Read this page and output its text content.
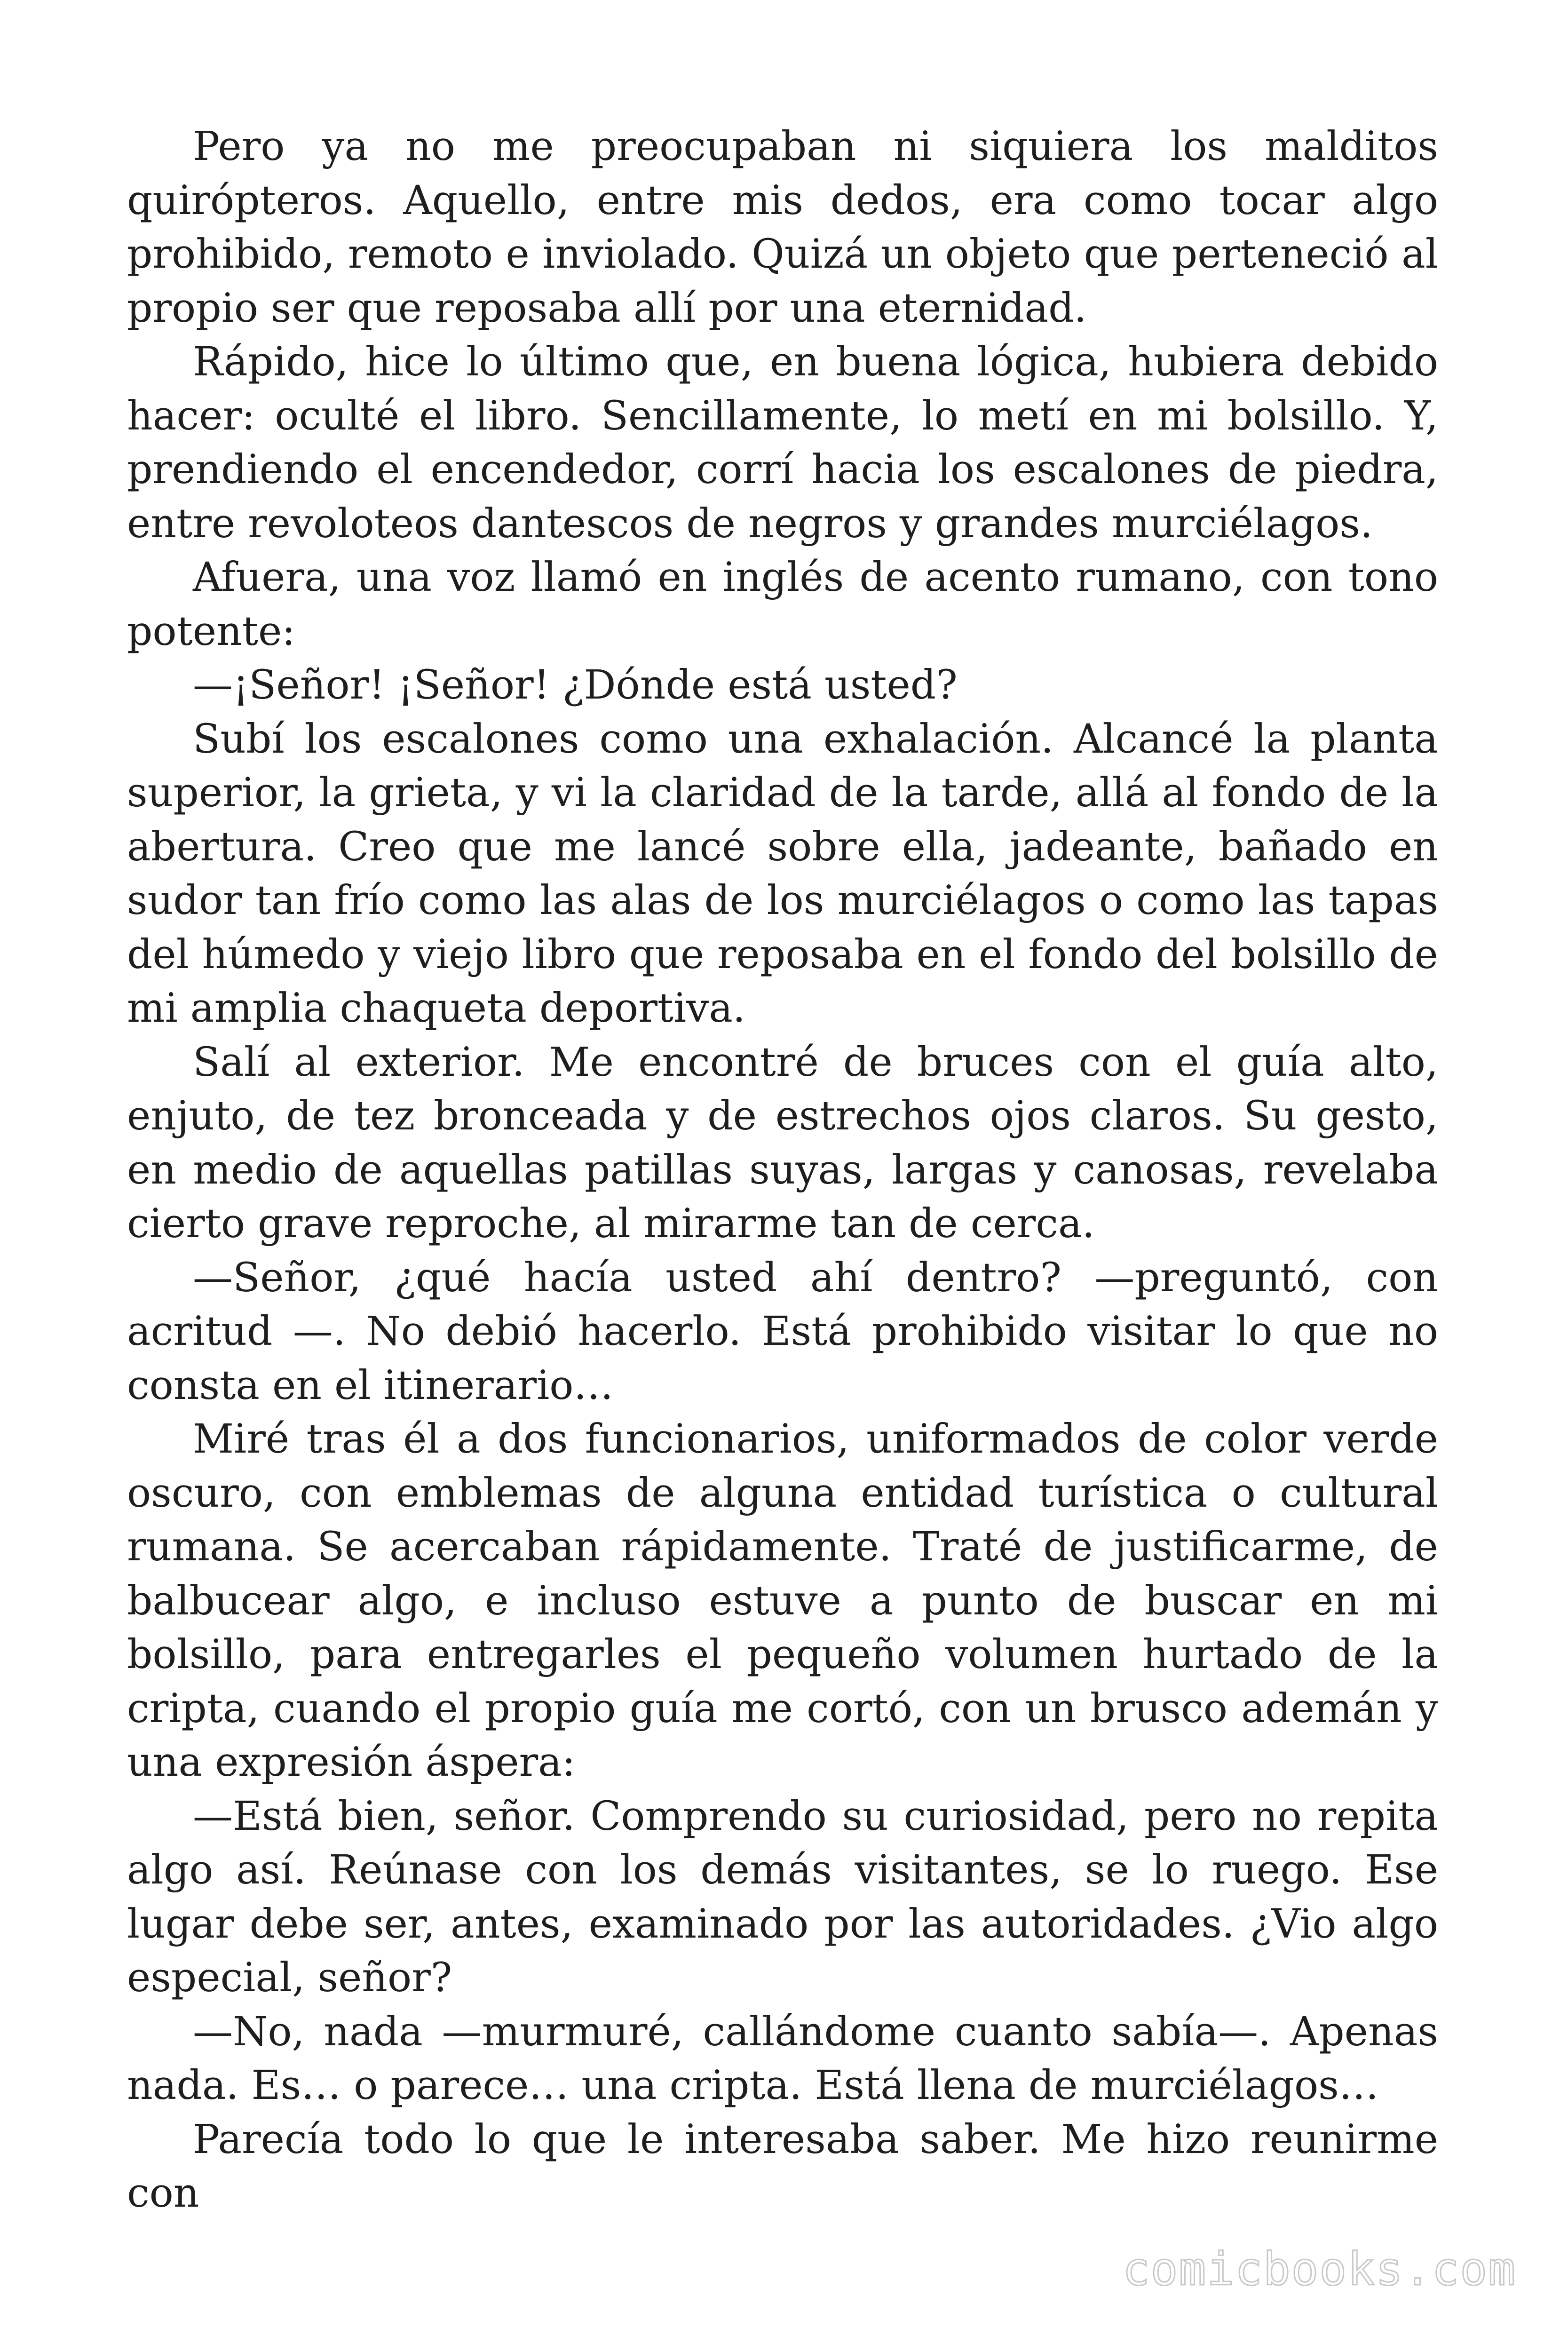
Pero ya no me preocupaban ni siquiera los malditos quirópteros. Aquello, entre mis dedos, era como tocar algo prohibido, remoto e inviolado. Quizá un objeto que perteneció al propio ser que reposaba allí por una eternidad.

Rápido, hice lo último que, en buena lógica, hubiera debido hacer: oculté el libro. Sencillamente, lo metí en mi bolsillo. Y, prendiendo el encendedor, corrí hacia los escalones de piedra, entre revoloteos dantescos de negros y grandes murciélagos.

Afuera, una voz llamó en inglés de acento rumano, con tono potente:

—¡Señor! ¡Señor! ¿Dónde está usted?

Subí los escalones como una exhalación. Alcancé la planta superior, la grieta, y vi la claridad de la tarde, allá al fondo de la abertura. Creo que me lancé sobre ella, jadeante, bañado en sudor tan frío como las alas de los murciélagos o como las tapas del húmedo y viejo libro que reposaba en el fondo del bolsillo de mi amplia chaqueta deportiva.

Salí al exterior. Me encontré de bruces con el guía alto, enjuto, de tez bronceada y de estrechos ojos claros. Su gesto, en medio de aquellas patillas suyas, largas y canosas, revelaba cierto grave reproche, al mirarme tan de cerca.

—Señor, ¿qué hacía usted ahí dentro? —preguntó, con acritud —. No debió hacerlo. Está prohibido visitar lo que no consta en el itinerario…

Miré tras él a dos funcionarios, uniformados de color verde oscuro, con emblemas de alguna entidad turística o cultural rumana. Se acercaban rápidamente. Traté de justificarme, de balbucear algo, e incluso estuve a punto de buscar en mi bolsillo, para entregarles el pequeño volumen hurtado de la cripta, cuando el propio guía me cortó, con un brusco ademán y una expresión áspera:

—Está bien, señor. Comprendo su curiosidad, pero no repita algo así. Reúnase con los demás visitantes, se lo ruego. Ese lugar debe ser, antes, examinado por las autoridades. ¿Vio algo especial, señor?

—No, nada —murmuré, callándome cuanto sabía—. Apenas nada. Es… o parece… una cripta. Está llena de murciélagos…

Parecía todo lo que le interesaba saber. Me hizo reunirme con

comicbooks.com
